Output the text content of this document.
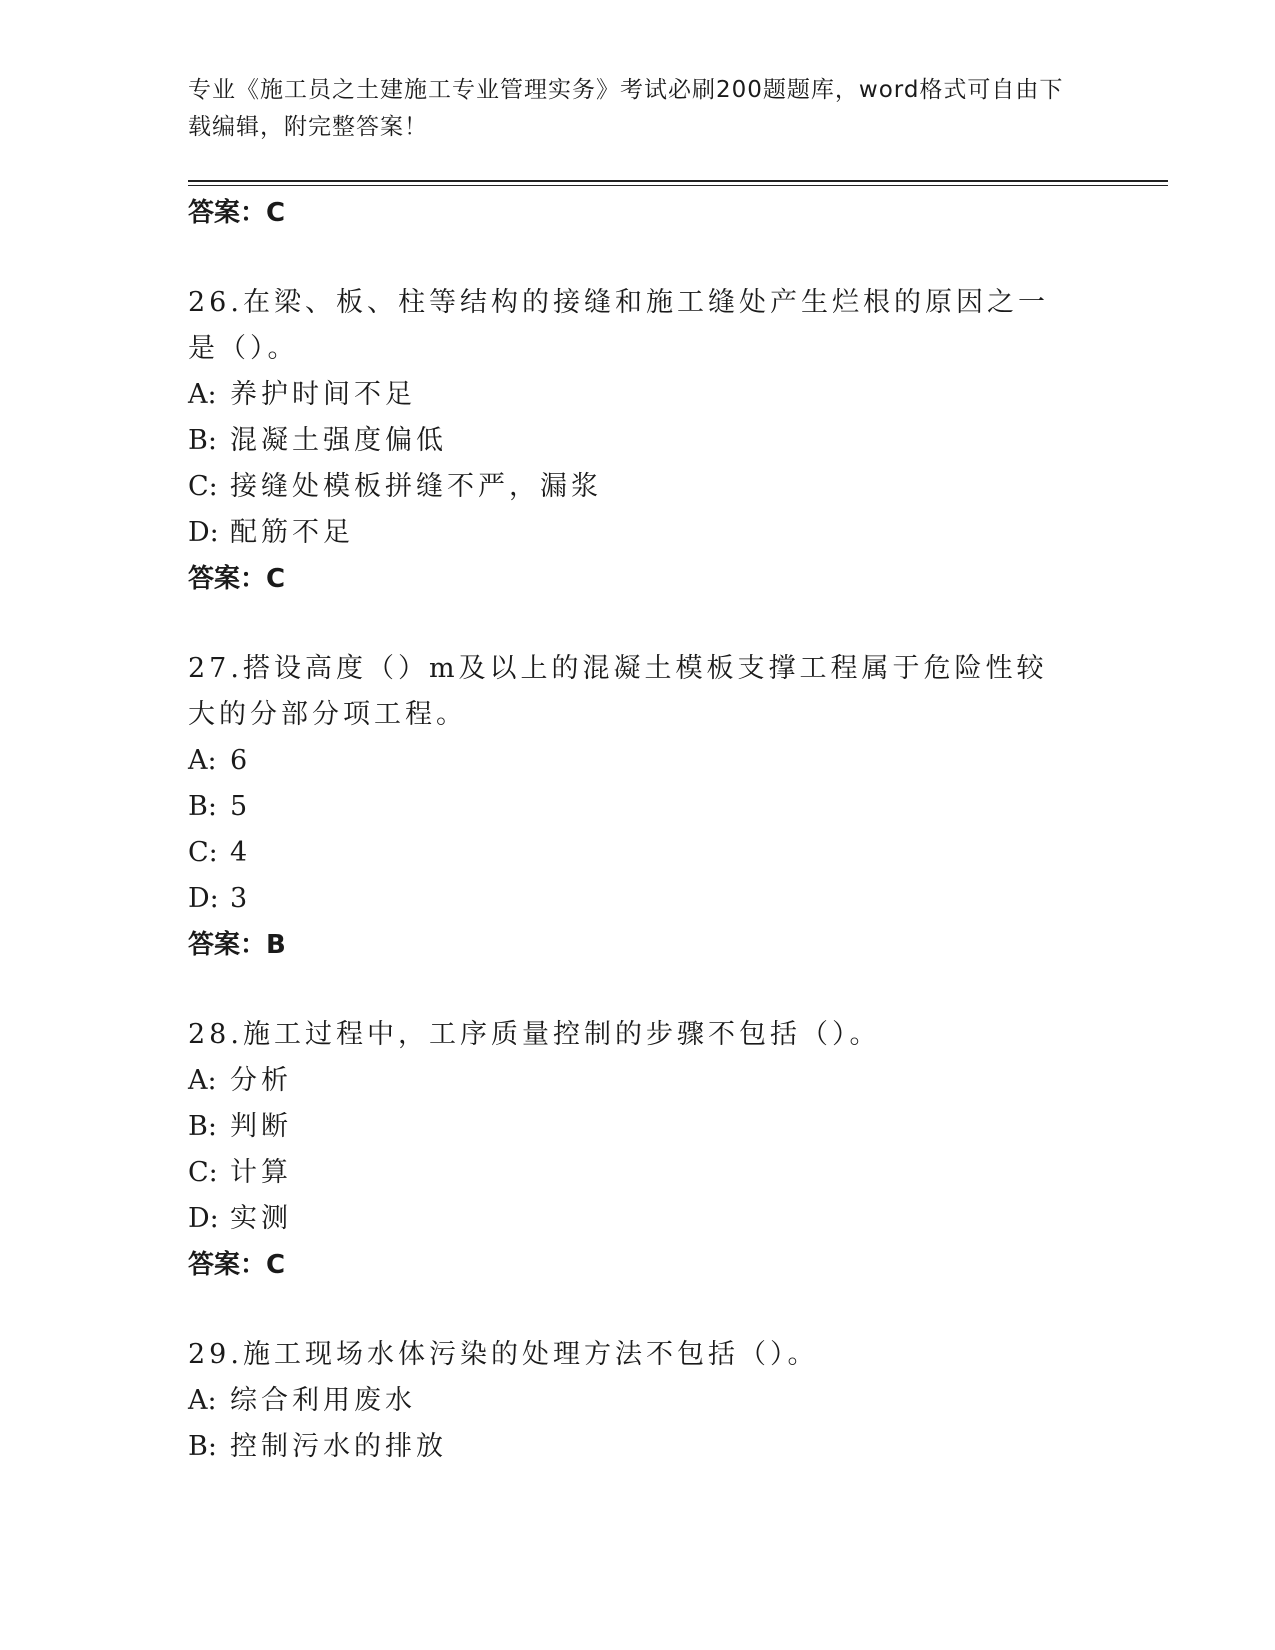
专业《施工员之土建施工专业管理实务》考试必刷200题题库，word格式可自由下载编辑，附完整答案！
答案：C
26.在梁、板、柱等结构的接缝和施工缝处产生烂根的原因之一是（）。
A: 养护时间不足
B: 混凝土强度偏低
C: 接缝处模板拼缝不严，漏浆
D: 配筋不足
答案：C
27.搭设高度（）m及以上的混凝土模板支撑工程属于危险性较大的分部分项工程。
A: 6
B: 5
C: 4
D: 3
答案：B
28.施工过程中，工序质量控制的步骤不包括（）。
A: 分析
B: 判断
C: 计算
D: 实测
答案：C
29.施工现场水体污染的处理方法不包括（）。
A: 综合利用废水
B: 控制污水的排放
